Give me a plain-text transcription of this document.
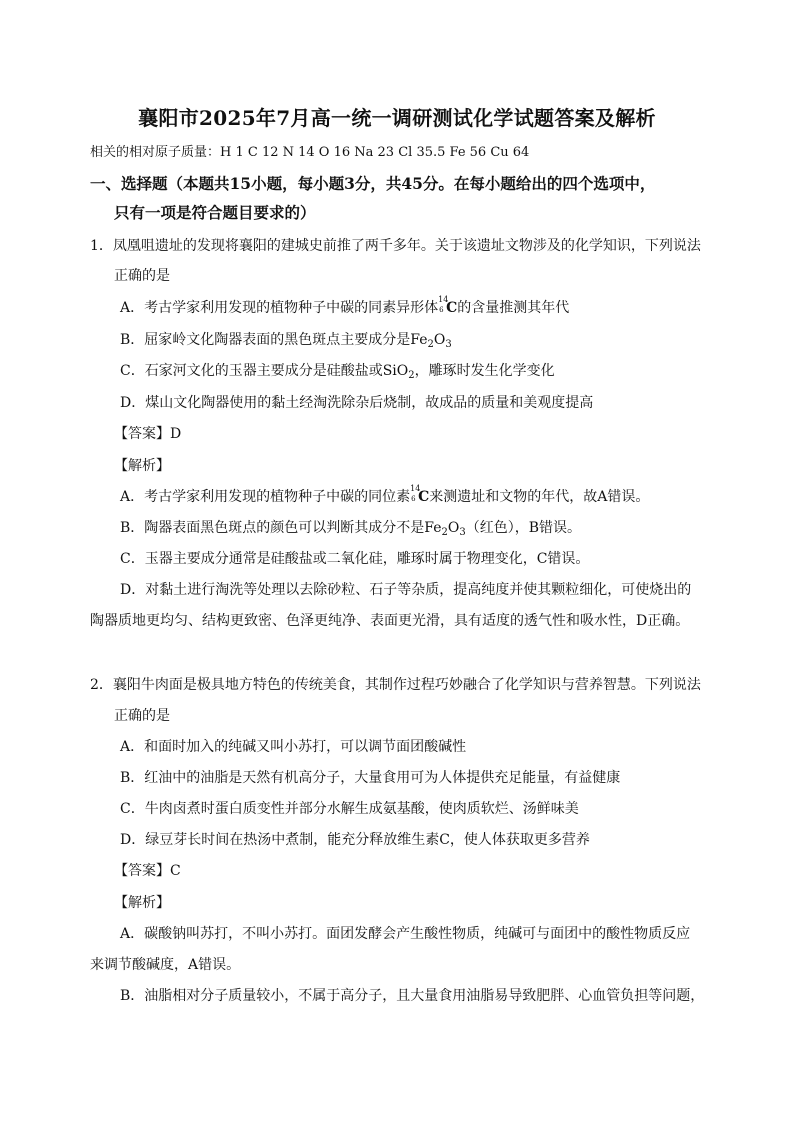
襄阳市2025年7月高一统一调研测试化学试题答案及解析
相关的相对原子质量：H 1 C 12 N 14 O 16 Na 23 Cl 35.5 Fe 56 Cu 64
一、选择题（本题共15小题，每小题3分，共45分。在每小题给出的四个选项中，
只有一项是符合题目要求的）
1．凤凰咀遗址的发现将襄阳的建城史前推了两千多年。关于该遗址文物涉及的化学知识，下列说法
正确的是
A．考古学家利用发现的植物种子中碳的同素异形体
14
6 C的含量推测其年代
B．屈家岭文化陶器表面的黑色斑点主要成分是$Fe_2O_3$
C．石家河文化的玉器主要成分是硅酸盐或SiO$_2$，雕琢时发生化学变化
D．煤山文化陶器使用的黏土经淘洗除杂后烧制，故成品的质量和美观度提高
【答案】D
【解析】
A．考古学家利用发现的植物种子中碳的同位素
14
6 C来测遗址和文物的年代，故A错误。
B．陶器表面黑色斑点的颜色可以判断其成分不是$Fe_2O_3$（红色），B错误。
C．玉器主要成分通常是硅酸盐或二氧化硅，雕琢时属于物理变化，C错误。
D．对黏土进行淘洗等处理以去除砂粒、石子等杂质，提高纯度并使其颗粒细化，可使烧出的
陶器质地更均匀、结构更致密、色泽更纯净、表面更光滑，具有适度的透气性和吸水性，D正确。
2．襄阳牛肉面是极具地方特色的传统美食，其制作过程巧妙融合了化学知识与营养智慧。下列说法
正确的是
A．和面时加入的纯碱又叫小苏打，可以调节面团酸碱性
B．红油中的油脂是天然有机高分子，大量食用可为人体提供充足能量，有益健康
C．牛肉卤煮时蛋白质变性并部分水解生成氨基酸，使肉质软烂、汤鲜味美
D．绿豆芽长时间在热汤中煮制，能充分释放维生素C，使人体获取更多营养
【答案】C
【解析】
A．碳酸钠叫苏打，不叫小苏打。面团发酵会产生酸性物质，纯碱可与面团中的酸性物质反应
来调节酸碱度，A错误。
B．油脂相对分子质量较小，不属于高分子，且大量食用油脂易导致肥胖、心血管负担等问题，
